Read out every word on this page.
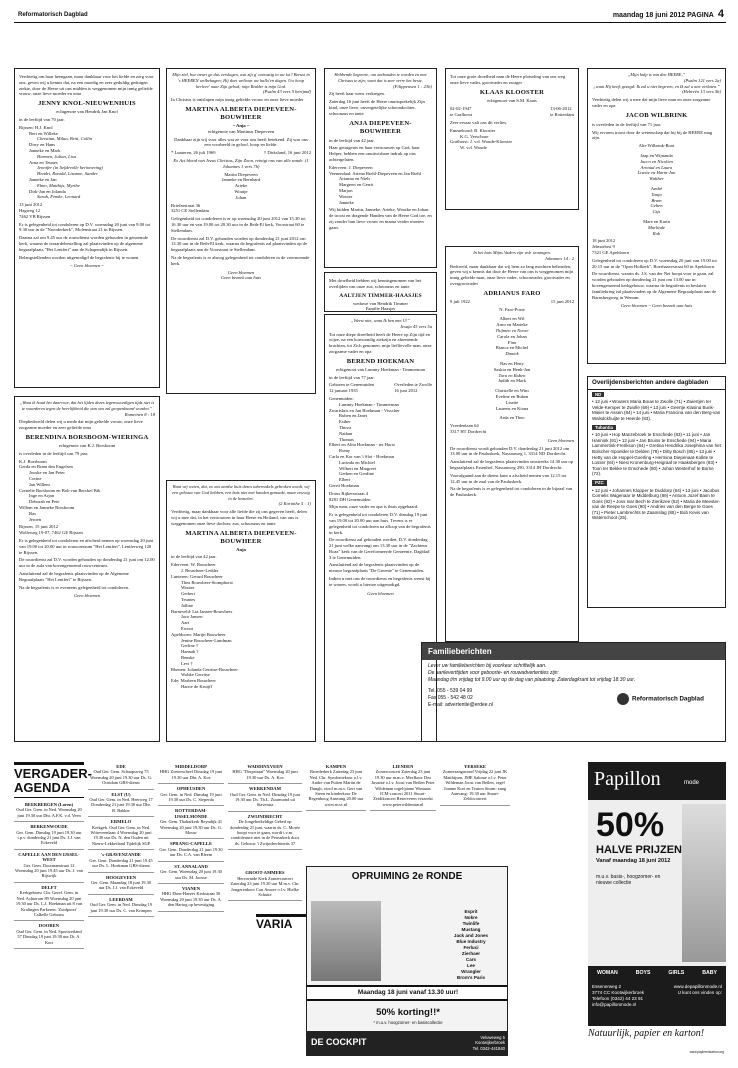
Reformatorisch Dagblad	maandag 18 juni 2012 PAGINA 4

Verdrietig om haar heengaan, maar dankbaar voor het liefde en zorg voor ons, geven wij u kennis dat, na een moedig en zeer geduldig gedragen ziekte, door de Heere uit ons midden is weggenomen mijn innig geliefde vrouw, onze lieve moeder en oma

JENNY KNOL-NIEUWENHUIS
echtgenote van Hendrik Jan Knol

in de leeftijd van 70 jaar.

Rijssen: H.J. Knol
Bert en Willeke
Christian, Milan, Britt, Collin
Dirry en Hans
Janneke en Mark
Harmen, Julian, Lisa
Arna en Teunes
Jennifer (in liefdevolle herinnering)
Hendri, Ronald, Lisanne, Sander
Janneke en Jan
Elmo, Matthijs, Myrthe
Dirk-Jan en Jolanda
Sarah, Femke, Leonard

13 juni 2012
Hagweg 12
7462 VB Rijssen

Er is gelegenheid tot condoleren op D.V. woensdag 20 juni van 9.00 tot 9.30 uur in de "Noorderkerk", Molenstraat 21 in Rijssen.

Daarna zal om 9.45 uur de rouwdienst worden gehouden in genoemde kerk, waarna de teraardebestelling zal plaatsvinden op de algemene begraafplaats "Het Lentfert" aan de Schapendijk in Rijssen.

Belangstellenden worden uitgenodigd de begrafenis bij te wonen.

~ Geen bloemen ~
„Want ik houd het daarvoor, dat het lijden dezes tegenwoordigen tijds niet is te waarderen tegen de heerlijkheid die aan ons zal geopenbaard worden.”
Romeinen 8 : 18

Diepbedroefd delen wij u mede dat mijn geliefde vrouw, onze lieve zorgzame moeder en zeer geliefde oma

BERENDINA BORSBOOM-WIERINGA
echtgenote van K.J. Borsboom

is overleden in de leeftijd van 79 jaar.

K.J. Borsboom
Gerda en Bram den Engelsen
Jooske en Jan Peter
Corine
Jan Willem
Cornelie Borsboom en Bob van Berckel Bik
Inge en Arjan
Deborah en Pete
Willem en Janneke Borsboom
Bas
Jeroen

Rijssen, 15 juni 2012
Wolleweg 19-07, 7462 GE Rijssen

Er is gelegenheid tot condoleren en afscheid nemen op woensdag 20 juni van 19.00 tot 20.00 uur in rouwcentrum "Het Lentfert", Lentferweg 120 te Rijssen.

De rouwdienst zal D.V. worden gehouden op donderdag 21 juni om 12.00 uur in de aula van bovengenoemd rouwcentrum.

Aansluitend zal de begrafenis plaatsvinden op de Algemene Begraafplaats "Het Lentfert" te Rijssen.

Na de begrafenis is er eveneens gelegenheid tot condoleren.

Geen bloemen
Mijn ziel, hoe treurt ge dus verslagen, wat zijt g' ontrustig in uw lot? Berust in 's HEEREN welbehagen; Hij doet welèaar uw hallo'en dagen. Uw hoop herleev' naar Zijn gebod; mijn Redder is mijn God.
(Psalm 43 vers 5 berijmd)

In Christus is ontslapen mijn innig geliefde vrouw en onze lieve moeder

MARTINA ALBERTA DIEPEVEEN-BOUWHEER
~ Anja ~
echtgenote van Martinus Diepeveen

Dankbaar zijn wij voor alles wat ze voor ons heeft betekend. Zij was ons een voorbeeld in geloof, hoop en liefde.

* Lunteren, 26 juli 1969	† Dirksland, 16 juni 2012

Ex Act blood van Jezus Christus, Zijn Zoon, reinigt ons van alle zonde. (1 Johannes 1 vers 7b)

Martin Diepeveen
Janneke en Bernhard
Arieke
Woutje
Johan

Briefaestraat 36
3251 CE Stellendam

Gelegenheid tot condoleren is er op woensdag 20 juni 2012 van 15.30 tot 16.30 uur en van 19.00 tot 20.30 uur in de Beth-El kerk, Voorstraat 60 te Stellendam.

De rouwdienst zal D.V. gehouden worden op donderdag 21 juni 2012 om 13.30 uur in de Beth-El kerk, waarna de begrafenis zal plaatsvinden op de begraafplaats aan de Voorstraat te Stellendam.

Na de begrafenis is er alsnog gelegenheid tot condoleren in de voornoemde kerk.

Geen bloemen
Geen bezoek aan huis
Want wij weten, dat, zo ons aardse huis dezes tabernakels gebroken wordt, wij een gebouw van God hebben, een huis niet met handen gemaakt, maar eeuwig in de hemelen.
(2 Korinthe 5 : 1)

Verdrietig, maar dankbaar voor alle liefde die zij ons gegeven heeft, delen wij u mee dat, in het vertrouwen in haar Heere en Heiland, van ons is weggenomen onze lieve dochter, zus, schoonzus en tante

MARTINA ALBERTA DIEPEVEEN-BOUWHEER
Anja

in de leeftijd van 42 jaar.

Ederveen: W. Bouwheer
J. Bouwheer-Ledder
Lunteren: Gerard Bouwheer
Thea Bouwheer-Stomphorst
Wouter
Gerbert
Teuntes
Jalline
Barneveld: Lia Jansen-Bouwheer
Jaco Jansen
Aart
Ewout
Apeldoorn: Marijn Bouwheer
Jenine Bouwheer-Landman
Gerline †
Hannah †
Benske
Levi †
Rhenen: Jolanda Gerritse-Bouwheer
Wobke Gerritse
Ede: Marleen Bouwheer
Harrie de Kruijff
Hebbende begeerte, om ontbonden te worden en met Christus te zijn; want dat is zeer verre het beste.
(Filippensen 1 : 23b)

Zij heeft haar wens verkregen.

Zaterdag 16 juni heeft de Heere onuitsprekelijk Zijn kind, onze lieve, onvergetelijke schoondochter, schoonzus en tante

ANJA DIEPEVEEN-BOUWHEER

in de leeftijd van 42 jaar.

Haar getuigenis en haar vertrouwen op God, haar Helper, hebben een onuitwisbare indruk op ons achtergelaten.

Ederveen: J. Diepeveen
Veenendaal: Ariena Riehl-Diepeveen en Jan Riehl
Arianna en Niels
Margreet en Gerrit
Marjon
Wouter
Janneke

Wij bidden Martin, Janneke, Arieke, Woutke en Johan de troost en dragende Handen van de Heere God toe, en zij zonder hun lieve vrouw en mama verder moeten gaan.

Met droefheid hebben wij kennisgenomen van het overlijden van onze zus, schoonzus en tante

AALTJEN TIMMER-HAASJES
weduwe van Hendrik Timmer
Familie Haasjes
„Weest niet, want Ik ben met U!”
Jesaja 43 vers 5a

Tot onze diepe droefheid heeft de Heere op Zijn tijd en wijze, na een kortstondig ziekzijn en afnemende krachten, tot Zich genomen, mijn lieflfevolle man, onze zorgzame vader en opa

BEREND HOEKMAN
echtgenoot van Lummy Hoekman - Timmerman

in de leeftijd van 77 jaar.

Geboren te Genemuiden
12 januari 1935
Overleden te Zwolle
16 juni 2012
Genemuiden:
Lummy Hoekman - Timmerman
Zwartsluis en Jan Hoekman - Visscher
Ruben en Janet
Esther
Thirza
Nathan
Thomas
Elbert en Alita Hoekman - ter Horst
Romy
Carla en Kor van 't Slot - Hoekman
Lucinda en Michiel
Wilbert en Margreet
Gerben en Gerdine
Elbert
Gerrit Hoekman

Dorus Rijkersstraat 4
8281 DH Genemuiden

Mijn man, onze vader en opa is thuis opgebaard.

Er is gelegenheid tot condoleren D.V. dinsdag 19 juni van 19.00 tot 20.00 uur aan huis. Tevens is er gelegenheid tot condoleren na afloop van de begrafenis in kerk.

De rouwdienst zal gehouden worden, D.V. donderdag 21 juni welke aanvangt om 13.30 uur in de "Zachteus Boaz" kerk van de Gereformeerde Gemeente, Dagblad 3 te Genemuiden.

Aansluitend zal de begrafenis plaatsvinden op de nieuwe begraafplaats "De Greente" te Genemuiden.

Indien u met ons de rouwdienst en begrafenis wenst bij te wonen, wordt u hiertoe uitgenodigd.

Geen bloemen

Tot onze grote droefheid nam de Heere plotseling van ons weg onze lieve vader, grootvader en zwager

KLAAS KLOOSTER
echtgenoot van S.M. Kaais
02-02-1947
te Grafhorst
13-06-2012
te Rotterdam

Zeer ervaar valt ons dit verlies.

Emmeloord: B. Klooster
K.G. Verschure
Grafhorst: J. v.d. Woude-Klooster
W. v.d. Woude
In het huis Mijns Vaders zijn vele woningen.
Johannes 14 : 2

Bedroefd, maar dankbaar dat wij hem zo lang mochten behouden, geven wij u kennis dat door de Heere van ons is weggenomen mijn innig geliefde man, onze lieve vader, schoonvader, grootvader en overgrootvader

ADRIANUS FARO
9 juli 1922	15 juni 2012
N. Faro-Poste
Albert en Wil
Arno en Marieke
Thijmen en Noore
Carola en Johan
Finn
Bianca en Michel
Daniek
Bas en Hetty
Saskia en Henk-Jan
Tara en Ruben
Judith en Mark
Christelle en Wim
Eveline en Ruben
Lisette
Laurens en Kiona
Arda en Theo

Vreedenlaan 64
3317 HT Dordrecht

Geen bloemen

De rouwdienst wordt gehouden D.V. donderdag 21 juni 2012 om 13.00 uur in de Pauluskerk, Nassauweg 1, 3314 ND Dordrecht.

Aansluitend zal de begrafenis plaatsvinden omstreeks 14.30 uur op begraafplaats Essenhof, Nassauweg 290, 3314 JH Dordrecht.

Voorafgaand aan de dienst kunt u afscheid nemen van 12.15 tot 12.45 uur in de zaal van de Pauluskerk.

Na de begrafenis is er gelegenheid tot condoleren in de bijzaal van de Pauluskerk.

„Mijn hulp is van den HEERE,”
(Psalm 121 vers 2a)
„want Hij heeft gezegd: Ik zal u niet begeven, en Ik zal u niet verlaten.”
(Hebreën 13 vers 5b)

Verdrietig delen wij u mee dat mijn lieve man en onze zorgzame vader en opa

JACOB WILBRINK

is overleden in de leeftijd van 71 jaar.

Wij ervaren troost door de wetenschap dat hij bij de HEERE mag zijn.

Alie Wilbrink-Boot
Jaap en Wijnanda
Jacco en Nicolien
Arnoud en Laura
Lisette en Harm-Jan
Walther
André
Tanja
Bram
Geben
Gijs
Mare en Karin
Marlinde
Rob

18 juni 2012
Jelmorbrst 9
7321 GE Apeldoorn

Gelegenheid tot condoleren op D.V. woensdag 20 juni van 19.00 tot 20.15 uur in de "Open Hofkerk", Boerhaavestraat 60 in Apeldoorn.

De rouwdienst, waarin ds. J.S. van der Net hoopt voor te gaan, zal worden gehouden op donderdag 21 juni om 13.00 uur in bovengenoemd kerkgebouw, waarna de begrafenis in beslaten familiekring zal plaatsvinden op de Algemene Begraafplaats aan de Barnsbergweg in Wenum.

Geen bloemen ~ Geen bezoek aan huis
Overlijdensberichten andere dagbladen
ND
• 12 juni • Wouters Maria Bouw te Zwolle (71) • Zwiertjen ter Velde-Kemper te Zwolle (69) • 13 juni • Geertje Klasina Bunk-Mieier te Assen (84) • 14 juni • Maria Francina van den Berg-van Walsdckhuijte te Heerde (83).
Tubantia
• 10 juni • Hop Manzebroek te Enschede (83) • 11 juni • Jan Hannink (91) • 12 juni • Jan Bruins te Enschede (94) • Maria Lammertink-Frerikson (84) • Gretina Hendrika Josephina van het Bolscher-Spoelder te Delden (78) • Ditty Bosch (85) • 13 juni • Hetty van de Hoppel-Goerling • Hermina Diepenaat-Kolkte te Losser (84) • Niesi Kronenburg-Heigraaf te Haaksbergen (93) • Toon ter Bekke te Enschede (80) • Johan Westerhof te Borne (72).
PZC
• 12 juni • Johannes Klopper te Duddorp (64) • 13 juni • Jacobus Cornelis Wagenaar te Middelburg (89) • Antoon Jozef Baim te Goes (92) • Joss Ivar Bech te Zierikzee (52) • Maria de Meester-van de Reepe te Goes (90) • Andries van den Berge te Goes (71) • Pieter Lambrechts te Zaamslag (85) • Bob Kevis van Waterschoot (25).
Familieberichten
Lever uw familieberichten bij voorkeur schriftelijk aan.
De aanleverttijden voor geboorte- en rouwadvertenties zijn:
Maandag t/m vrijdag tot 9.00 uur op de dag van plaatsing. Zaterdagkrant tot vrijdag 18.30 uur.
Tel. 055 - 539 04 99
Fax 055 - 542 48 02
E-mail: advertentie@erdee.nl
Reformatorisch Dagblad
VERGADER-AGENDA
BEEKBERGEN (Loren)
Oud Ger. Gem. in Ned. Woensdag 20 juni 19.30 uur Dhr. A.F.K. v.d. Veen
BERKENWOUDE
Ger. Gem. Dinsdag 19 juni 19.30 uur i.p.v. donderdag 21 juni Ds. J.J. van Eckeveld
CAPELLE AAN DEN IJSSEL-WEST
Ger. Gem. Doormanstraat 12 Woensdag 20 juni 19.45 uur Ds. J. van Rijswijk
DELFT
Kerkgebouw Chr. Geref. Gem. in Ned. Achterom 89 Woensdag 20 juni 19.30 uur Ds. L.J. Hoekman uit 8 van Kralingen Parkeren: 'Zuidpoort' Calkelle Gebouw
DOOREN
Oud Ger. Gem. in Ned. Sportweiland 57 Dinsdag 19 juni 19.30 uur Dr. A. Kort
EDE
Oud Ger. Gem. Schaapsweg 75 Woensdag 20 juni 19.30 uur Ds. G. Oostdam GBS-dienst
ELST (U)
Oud Ger. Gem. in Ned. Heerweg 17 Donderdag 21 juni 19.30 uur Dhr. B. Bakker
ERMELO
Kerkgeb. Oud Ger. Gem. in Ned. Witteveenlaan 4 Woensdag 20 juni 19.30 uur Ds. N. den Ouden uit Nieuw-Lekkerland Tijdelijk SGP
's-GRAVENZANDE
Ger. Gem. Donderdag 21 juni 19.45 uur Ds. L. Hoekman GBS-dienst
HOOGEVEEN
Ger. Gem. Maandag 18 juni 19.30 uur Ds. J.J. van Eckeveld
LEERDAM
Oud Ger. Gem. in Ned. Dinsdag 19 juni 19.30 uur Ds. C. van Krimpen
MIDDELDORP
HHG Zoeterscheel Dinsdag 19 juni 19.30 uur Dhr. A. Kos
OPHEUSDEN
Ger. Gem. in Ned. Dinsdag 19 juni 19.30 uur Ds. C. Sieperda
ROTTERDAM-IJSSELMONDE
Ger. Gem. Thabarkerk Reyndijk 41 Woensdag 20 juni 19.30 uur Ds. G. Mouw
SPRANG-CAPELLE
Ger. Gem. Donderdag 21 juni 19.30 uur Ds. C.A. van Bleem
ST. ANNALAND
Ger. Gem. Woensdag 20 juni 19.30 uur Ds. M. Joosse
VIANEN
HHG Eben-Haezer Kerkstraat 30 Woensdag 20 juni 19.30 uur Ds. A. den Hartog op bevestiging
WADDINXVEEN
HHG "Dorpstraat" Woensdag 20 juni 19.30 uur Ds. A. Kos
WERKENDAM
Oud Ger. Gem. in Ned. Dinsdag 19 juni 19.30 uur Ds. Th.L. Zuurmond uit Staveniss
ZWIJNDRECHT
De Jongeherkeldige Gebed op donderdag 21 juni, waarin ds. C. Morée hoopt voor te gaan, wordt i.v.m. condoleance niet in de Petruskerk door ds. Gebouw 't Zwijndrechtnetis 37
GROOT-AMMERS
Hervormde Kerk Zomerconcert Zaterdag 23 juni 19.30 uur M.m.v. Chr. Jongerenkoor Con Amore o.l.v. Hielke Schutte
VARIA
KAMPEN
Broederkerk Zaterdag 23 juni Ned. Chr. Symfoniekoor o.l.v. Andre van Putten Martin de Dungh, viool m.m.v. Gert van Steen en kinderkoor De Regenboog Aanvang 20.00 uur www.ncsc.nl
LIENDEN
Zomerconcert Zaterdag 23 juni 19.30 uur m.m.v. Meelkoor Deo Juvante o.l.v. Joost van Beilen Peter Wildeman orgel/piano Wintaars ICM-concert 2011 Stuurt-Zeidikoncert Reserveren verzoekt www.peterwildeman.nl
YERSEKE
Zomerzangavond Vrijdag 22 juni JK Matthijsen, JME Salome o.l.v. Peter Wildeman Joost van Beilen, orgel Joanne Kort en Teuton Sturm: zang Aanvang: 19.30 uur Stuurt-Zeldoconcert
OPRUIMING 2e RONDE
Esprit
Nokre
Twinlife
Mustang
Jack and Jones
Blue Industry
Ferluci
Zierhaer
Cars
Lee
Wrangler
Brom's Paris
Maandag 18 juni vanaf 13.30 uur!
50% korting!!*
* m.u.v. hoogzomer- en basiscollectie
DE COCKPIT	Veluweweg 5
Kootwijkerbroek
Tel. 0342-441840
Papillon	mode
50%
HALVE PRIJZEN
Vanaf maandag 18 juni 2012
m.u.v. basis-, hoogzomer- en nieuwe collectie
WOMAN	BOYS	GIRLS	BABY
Essenerweg 2
3774 CC Kootwijkerbroek
Telefoon (0342) 44 23 91
info@papillonmode.nl
www.depapillonmode.nl
U kunt ons vinden op:
Natuurlijk, papier en karton!
www.papierenkarton.org
